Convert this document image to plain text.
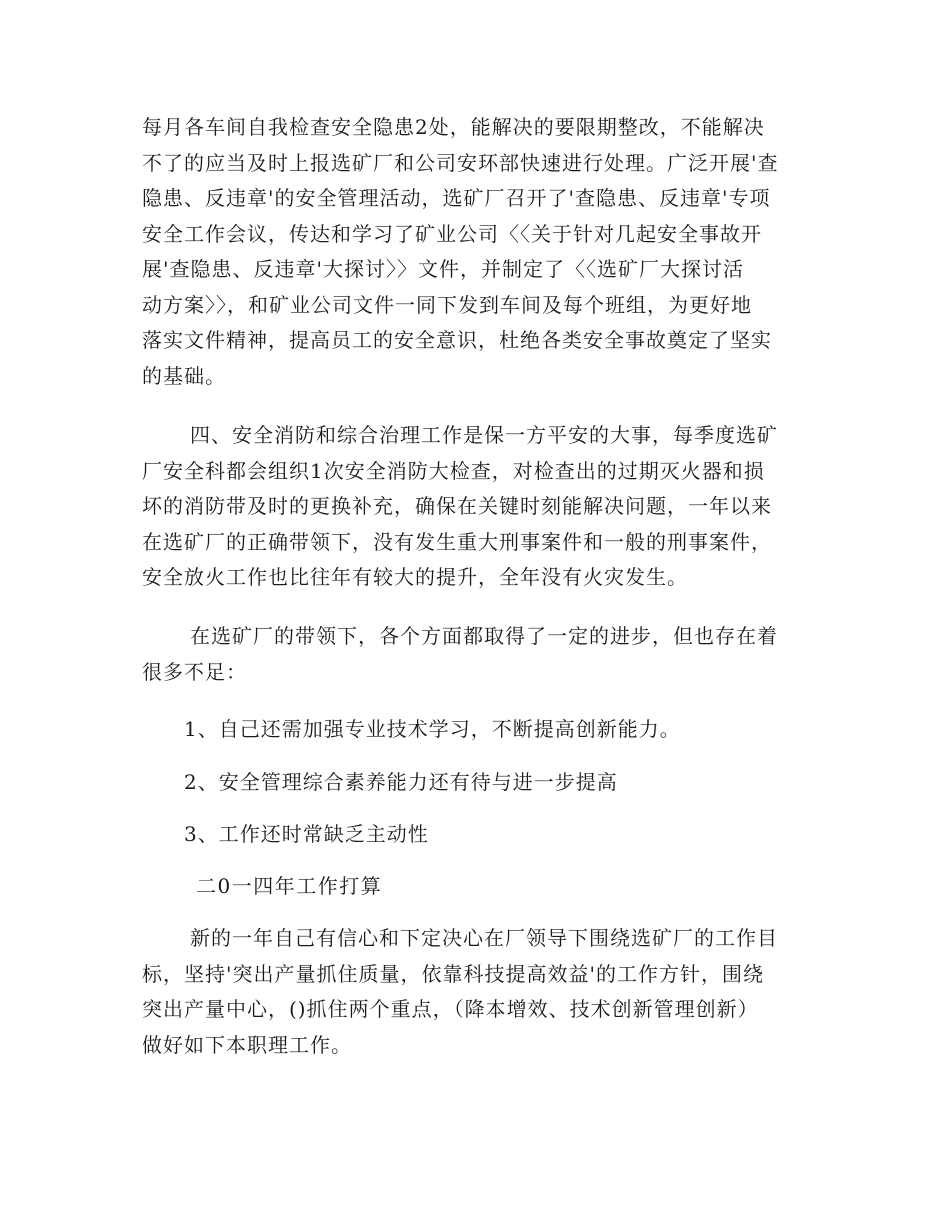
每月各车间自我检查安全隐患2处，能解决的要限期整改，不能解决
不了的应当及时上报选矿厂和公司安环部快速进行处理。广泛开展'查
隐患、反违章'的安全管理活动，选矿厂召开了'查隐患、反违章'专项
安全工作会议，传达和学习了矿业公司〈〈关于针对几起安全事故开
展'查隐患、反违章'大探讨〉〉文件，并制定了〈〈选矿厂大探讨活
动方案〉〉，和矿业公司文件一同下发到车间及每个班组，为更好地
落实文件精神，提高员工的安全意识，杜绝各类安全事故奠定了坚实
的基础。
四、安全消防和综合治理工作是保一方平安的大事，每季度选矿
厂安全科都会组织1次安全消防大检查，对检查出的过期灭火器和损
坏的消防带及时的更换补充，确保在关键时刻能解决问题，一年以来
在选矿厂的正确带领下，没有发生重大刑事案件和一般的刑事案件，
安全放火工作也比往年有较大的提升，全年没有火灾发生。
在选矿厂的带领下，各个方面都取得了一定的进步，但也存在着
很多不足：

1、自己还需加强专业技术学习，不断提高创新能力。

2、安全管理综合素养能力还有待与进一步提高

3、工作还时常缺乏主动性

二0一四年工作打算

新的一年自己有信心和下定决心在厂领导下围绕选矿厂的工作目
标，坚持'突出产量抓住质量，依靠科技提高效益'的工作方针，围绕
突出产量中心，()抓住两个重点，（降本增效、技术创新管理创新）
做好如下本职理工作。
